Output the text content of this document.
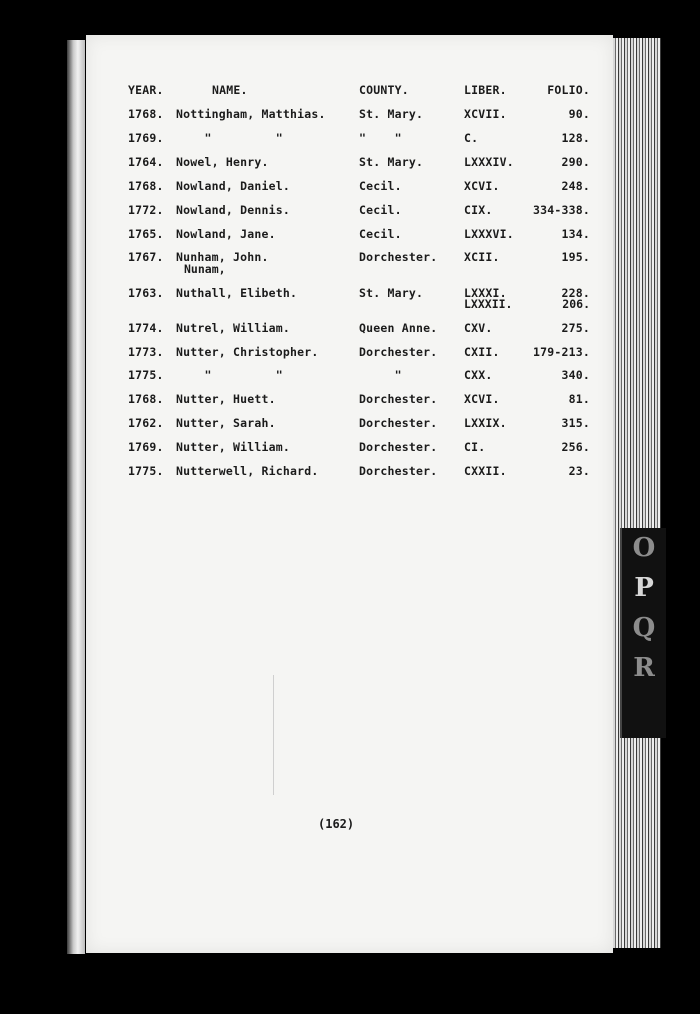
O
P
Q
R
YEAR.	NAME.	COUNTY.	LIBER.	FOLIO.
1768. Nottingham, Matthias.	St. Mary.	XCVII.	90.
1769. "         "	"    "	C.	128.
1764. Nowel, Henry.	St. Mary.	LXXXIV.	290.
1768. Nowland, Daniel.	Cecil.	XCVI.	248.
1772. Nowland, Dennis.	Cecil.	CIX.	334-338.
1765. Nowland, Jane.	Cecil.	LXXXVI.	134.
1767. Nunham, John.	Dorchester. XCII.	195.
Nunam,
1763. Nuthall, Elibeth.	St. Mary.	LXXXI.	228.
LXXXII.	206.
1774. Nutrel, William.	Queen Anne. CXV.	275.
1773. Nutter, Christopher.	Dorchester. CXII.	179-213.
1775. "         "	"	CXX.	340.
1768. Nutter, Huett.	Dorchester. XCVI.	81.
1762. Nutter, Sarah.	Dorchester. LXXIX.	315.
1769. Nutter, William.	Dorchester. CI.	256.
1775. Nutterwell, Richard.	Dorchester. CXXII.	23.
(162)
